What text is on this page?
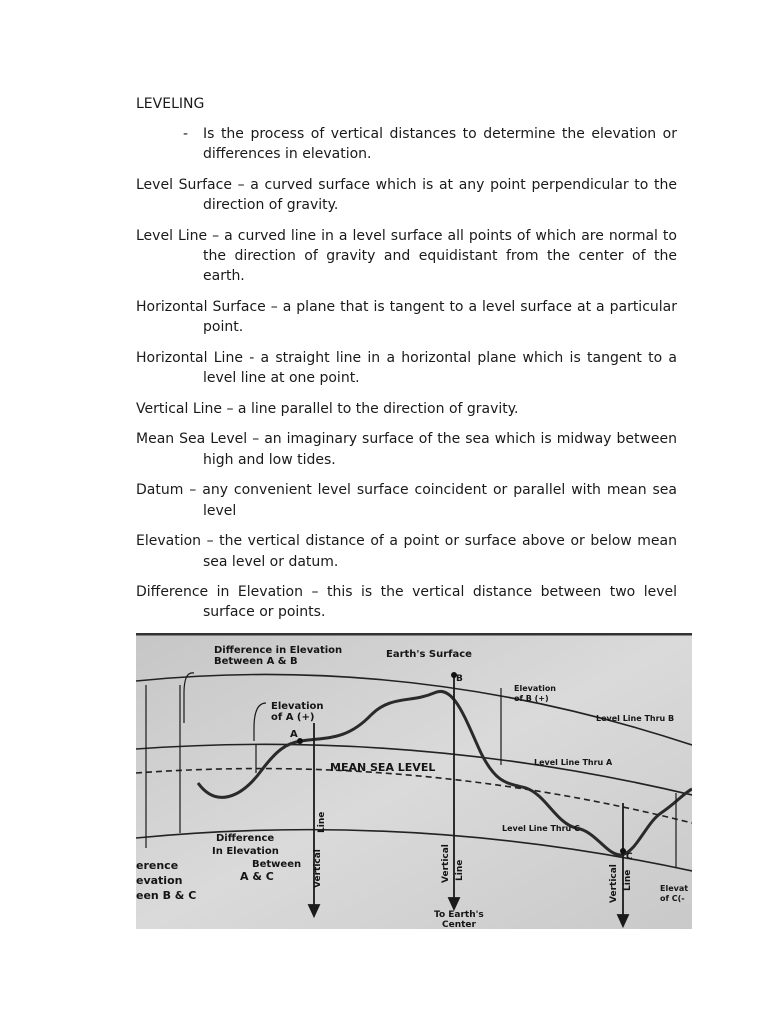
LEVELING
-	Is the process of vertical distances to determine the elevation or differences in elevation.

Level Surface – a curved surface which is at any point perpendicular to the direction of gravity.

Level Line – a curved line in a level surface all points of which are normal to the direction of gravity and equidistant from the center of the earth.

Horizontal Surface – a plane that is tangent to a level surface at a particular point.

Horizontal Line - a straight line in a horizontal plane which is tangent to a level line at one point.

Vertical Line – a line parallel to the direction of gravity.

Mean Sea Level – an imaginary surface of the sea which is midway between high and low tides.

Datum – any convenient level surface coincident or parallel with mean sea level

Elevation – the vertical distance of a point or surface above or below mean sea level or datum.

Difference in Elevation – this is the vertical distance between two level surface or points.

Difference in Elevation
Between A & B
Earth's Surface
B
Elevation
of B (+)
Level Line Thru B
Elevation
of A (+)
A
MEAN SEA LEVEL	Level Line Thru A
Line
Vertical	Vertical Line
Level Line Thru C
C
Vertical Line
Difference
In Elevation
Between
A & C
erence
evation
een B & C
To Earth's
Center
Elevat
of C(-
